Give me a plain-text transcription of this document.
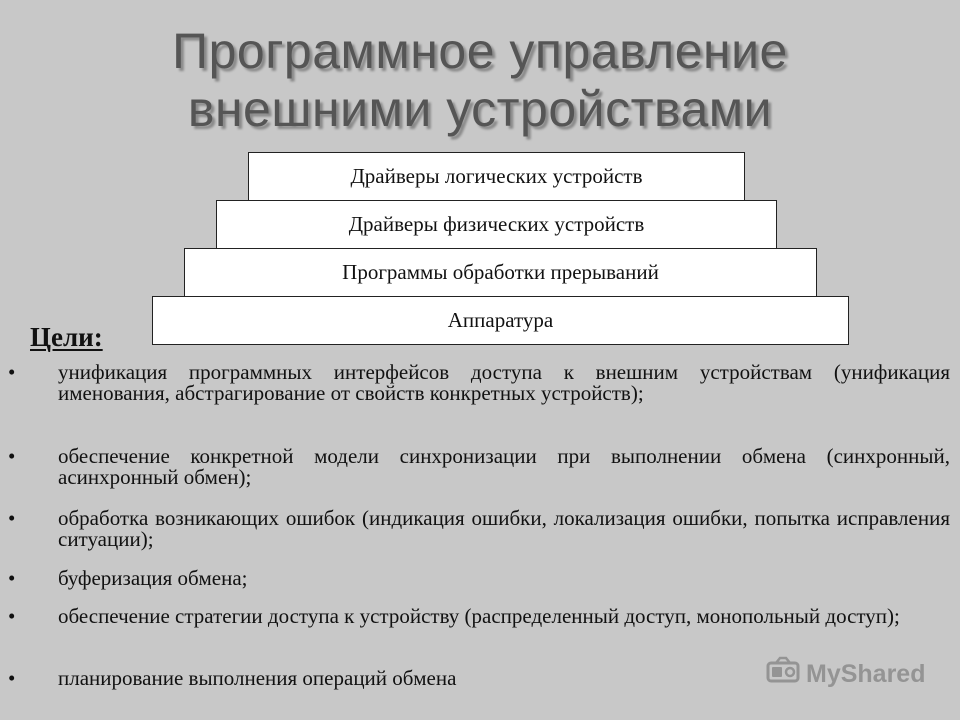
Программное управление
внешними устройствами
Драйверы логических устройств
Драйверы физических устройств
Программы обработки прерываний
Аппаратура
Цели:
• унификация программных интерфейсов доступа к внешним устройствам (унификация именования, абстрагирование от свойств конкретных устройств);
• обеспечение конкретной модели синхронизации при выполнении обмена (синхронный, асинхронный обмен);
• обработка возникающих ошибок (индикация ошибки, локализация ошибки, попытка исправления ситуации);
• буферизация обмена;
• обеспечение стратегии доступа к устройству (распределенный доступ, монопольный доступ);
• планирование выполнения операций обмена	MyShared
